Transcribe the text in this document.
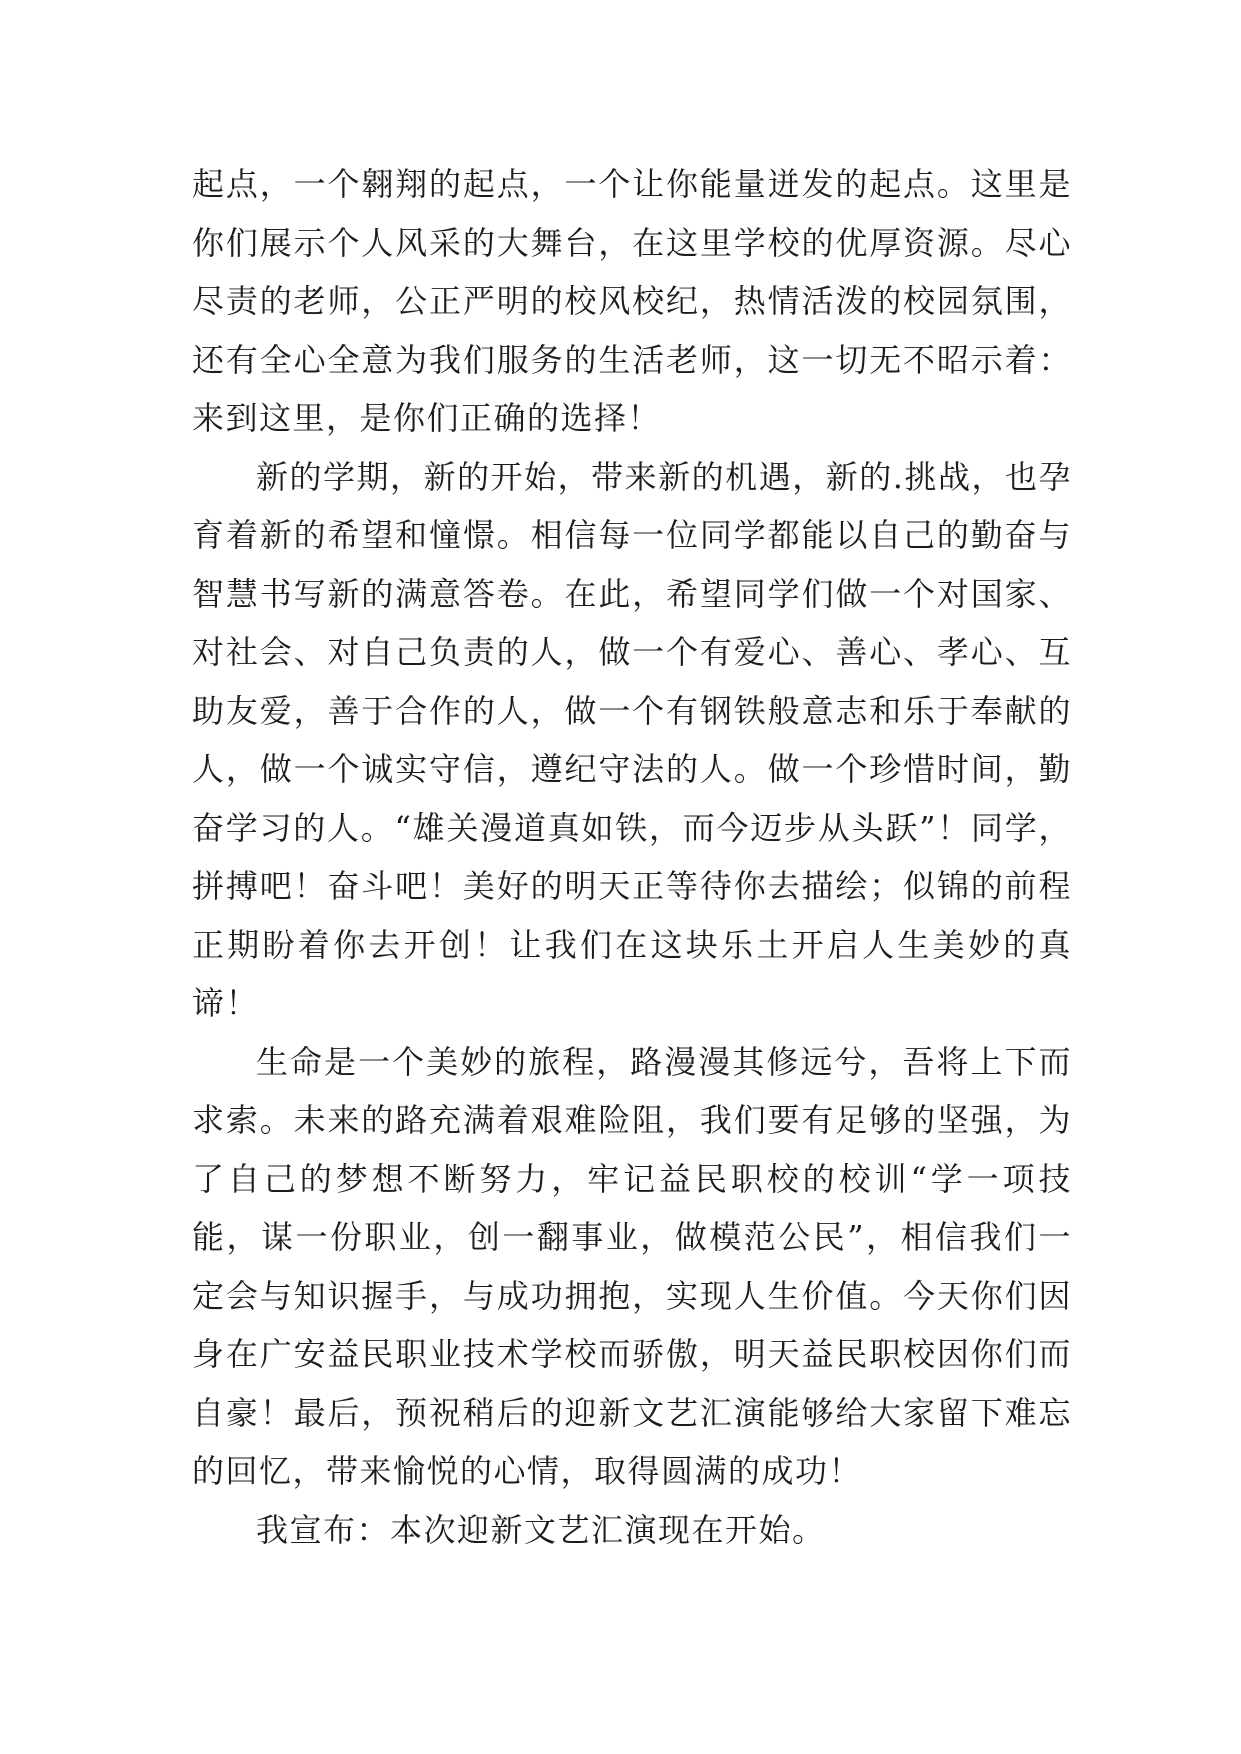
起点，一个翱翔的起点，一个让你能量迸发的起点。这里是你们展示个人风采的大舞台，在这里学校的优厚资源。尽心尽责的老师，公正严明的校风校纪，热情活泼的校园氛围，还有全心全意为我们服务的生活老师，这一切无不昭示着：来到这里，是你们正确的选择！

新的学期，新的开始，带来新的机遇，新的.挑战，也孕育着新的希望和憧憬。相信每一位同学都能以自己的勤奋与智慧书写新的满意答卷。在此，希望同学们做一个对国家、对社会、对自己负责的人，做一个有爱心、善心、孝心、互助友爱，善于合作的人，做一个有钢铁般意志和乐于奉献的人，做一个诚实守信，遵纪守法的人。做一个珍惜时间，勤奋学习的人。“雄关漫道真如铁，而今迈步从头跃”！同学，拼搏吧！奋斗吧！美好的明天正等待你去描绘；似锦的前程正期盼着你去开创！让我们在这块乐土开启人生美妙的真谛！

生命是一个美妙的旅程，路漫漫其修远兮，吾将上下而求索。未来的路充满着艰难险阻，我们要有足够的坚强，为了自己的梦想不断努力，牢记益民职校的校训“学一项技能，谋一份职业，创一翻事业，做模范公民”，相信我们一定会与知识握手，与成功拥抱，实现人生价值。今天你们因身在广安益民职业技术学校而骄傲，明天益民职校因你们而自豪！最后，预祝稍后的迎新文艺汇演能够给大家留下难忘的回忆，带来愉悦的心情，取得圆满的成功！

我宣布：本次迎新文艺汇演现在开始。
